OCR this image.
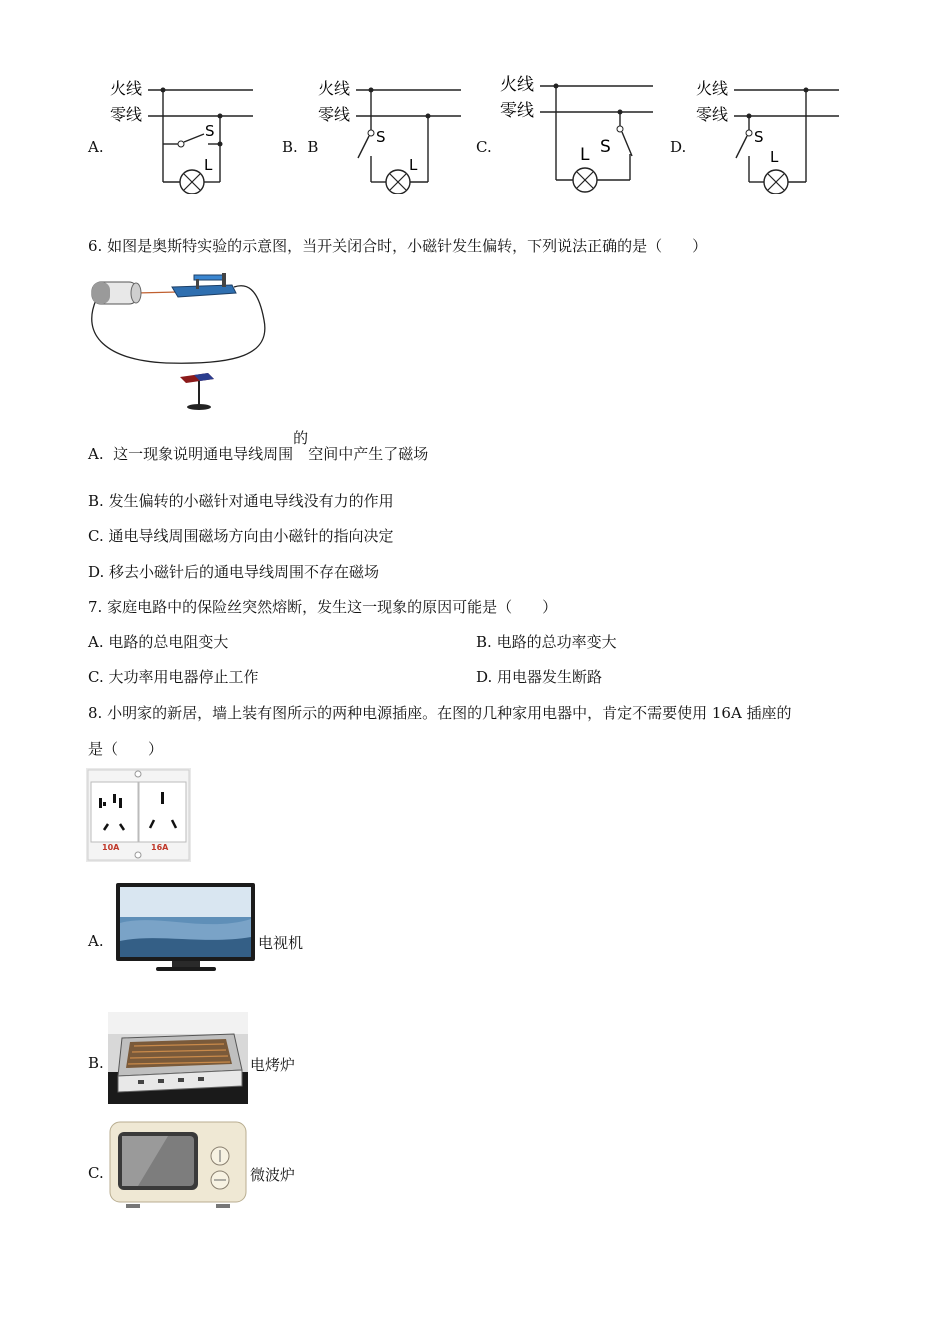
A.
火线
零线
S
L
B. B
火线
零线
S
L
C.
火线
零线
S
L	D.
火线
零线
S
L
6. 如图是奥斯特实验的示意图，当开关闭合时，小磁针发生偏转，下列说法正确的是（　　）
A. 这一现象说明通电导线周围的空间中产生了磁场
B. 发生偏转的小磁针对通电导线没有力的作用
C. 通电导线周围磁场方向由小磁针的指向决定
D. 移去小磁针后的通电导线周围不存在磁场
7. 家庭电路中的保险丝突然熔断，发生这一现象的原因可能是（　　）
A. 电路的总电阻变大	B. 电路的总功率变大
C. 大功率用电器停止工作	D. 用电器发生断路
8. 小明家的新居，墙上装有图所示的两种电源插座。在图的几种家用电器中，肯定不需要使用 16A 插座的
是（　　）
10A	16A
A.	电视机
B.	电烤炉
C.	微波炉
